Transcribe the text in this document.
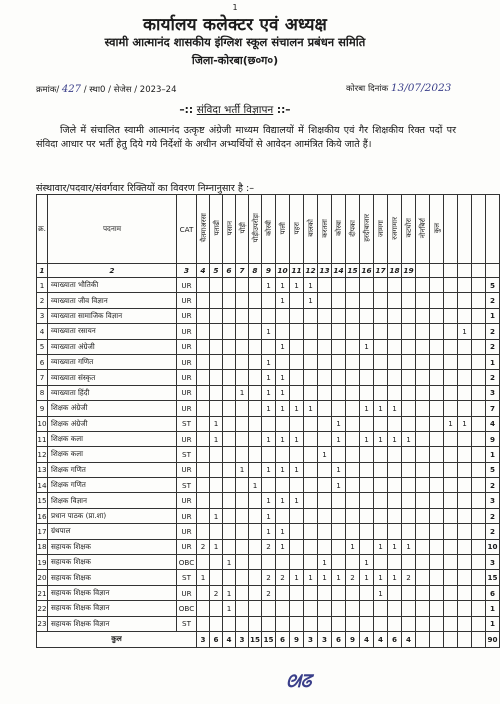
1
कार्यालय कलेक्टर एवं अध्यक्ष
स्वामी आत्मानंद शासकीय इंग्लिश स्कूल संचालन प्रबंधन समिति
जिला-कोरबा(छ०ग०)
क्रमांक/ 427 / स्था0 / सेजेस / 2023–24	कोरबा दिनांक 13/07/2023
–:: संविदा भर्ती विज्ञापन ::–
जिले में संचालित स्वामी आत्मानंद उत्कृष्ट अंग्रेजी माध्यम विद्यालयों में शिक्षकीय एवं गैर शिक्षकीय रिक्त पदों पर संविदा आधार पर भर्ती हेतु दिये गये निर्देशों के अधीन अभ्यर्थियों से आवेदन आमंत्रित किये जाते हैं।
संस्थावार/पदवार/संवर्गवार रिक्तियों का विवरण निम्नानुसार है :–
क्र.	पदनाम	CAT	चैतमाअरसा	पताढी	पसान	पोड़ी	पोड़ीउपरोड़ा	कोरबी	पाली	पहरा	बालको	करतला	कोरबा	दीपका	हरदीबाजार	जामगा	रजगामार	कटघोरा	नोनबिर्रा	कुल				
1	2	3	4	5	6	7	8	9	10	11	12	13	14	15	16	17	18	19						
1	व्याख्याता भौतिकी	UR						1	1	1	1													5
2	व्याख्याता जीव विज्ञान	UR							1		1													2
3	व्याख्याता सामाजिक विज्ञान	UR																						1
4	व्याख्याता रसायन	UR						1														1		2
5	व्याख्याता अंग्रेजी	UR							1						1									2
6	व्याख्याता गणित	UR						1																1
7	व्याख्याता संस्कृत	UR						1	1															2
8	व्याख्याता हिंदी	UR				1		1	1															3
9	शिक्षक अंग्रेजी	UR						1	1	1	1				1	1	1							7
10	शिक्षक अंग्रेजी	ST		1									1								1	1		4
11	शिक्षक कला	UR		1				1	1	1			1		1	1	1	1						9
12	शिक्षक कला	ST										1												1
13	शिक्षक गणित	UR				1		1	1	1			1											5
14	शिक्षक गणित	ST					1						1											2
15	शिक्षक विज्ञान	UR						1	1	1														3
16	प्रधान पाठक (प्रा.शा)	UR		1				1																2
17	ग्रंथपाल	UR						1	1															2
18	सहायक शिक्षक	UR	2	1				2	1					1		1	1	1						10
19	सहायक शिक्षक	OBC			1							1			1									3
20	सहायक शिक्षक	ST	1					2	2	1	1	1	1	2	1	1	1	2						15
21	सहायक शिक्षक विज्ञान	UR		2	1			2								1								6
22	सहायक शिक्षक विज्ञान	OBC			1																			1
23	सहायक शिक्षक विज्ञान	ST																						1
कुल			3	6	4	3	15	15	6	9	3	3	6	9	4	4	6	4						90
ᘛᘔ
